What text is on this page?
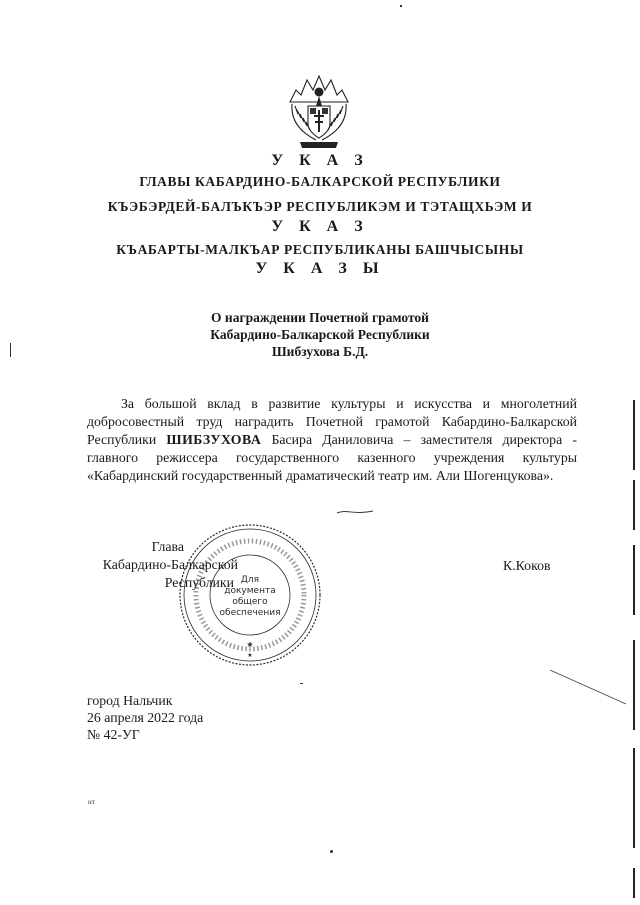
У К А З
ГЛАВЫ КАБАРДИНО-БАЛКАРСКОЙ РЕСПУБЛИКИ
КЪЭБЭРДЕЙ-БАЛЪКЪЭР РЕСПУБЛИКЭМ И ТЭТАЩХЬЭМ И
У К А З
КЪАБАРТЫ-МАЛКЪАР РЕСПУБЛИКАНЫ БАШЧЫСЫНЫ
У К А З Ы
О награждении Почетной грамотой
Кабардино-Балкарской Республики
Шибзухова Б.Д.
За большой вклад в развитие культуры и искусства и многолетний добросовестный труд наградить Почетной грамотой Кабардино-Балкарской Республики ШИБЗУХОВА Басира Даниловича – заместителя директора - главного режиссера государственного казенного учреждения культуры «Кабардинский государственный драматический театр им. Али Шогенцукова».
Для
документа
общего
обеспечения
★
★
Глава
Кабардино-Балкарской
Республики
К.Коков
город Нальчик
26 апреля 2022 года
№ 42-УГ
нт
